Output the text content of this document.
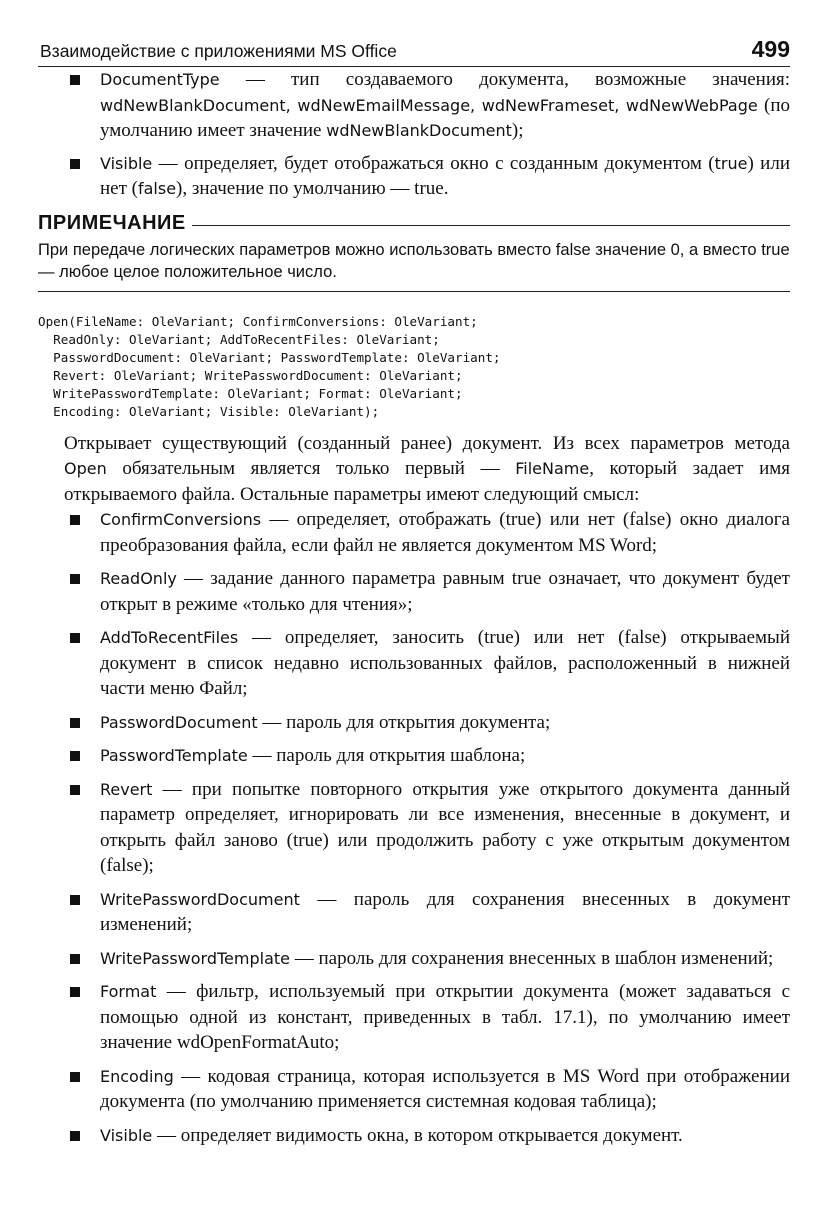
Взаимодействие с приложениями MS Office	499
DocumentType — тип создаваемого документа, возможные значения: wdNewBlankDocument, wdNewEmailMessage, wdNewFrameset, wdNewWebPage (по умолчанию имеет значение wdNewBlankDocument);
Visible — определяет, будет отображаться окно с созданным документом (true) или нет (false), значение по умолчанию — true.
ПРИМЕЧАНИЕ
При передаче логических параметров можно использовать вместо false значение 0, а вместо true — любое целое положительное число.
Open(FileName: OleVariant; ConfirmConversions: OleVariant;
ReadOnly: OleVariant; AddToRecentFiles: OleVariant;
PasswordDocument: OleVariant; PasswordTemplate: OleVariant;
Revert: OleVariant; WritePasswordDocument: OleVariant;
WritePasswordTemplate: OleVariant; Format: OleVariant;
Encoding: OleVariant; Visible: OleVariant);
Открывает существующий (созданный ранее) документ. Из всех параметров метода Open обязательным является только первый — FileName, который задает имя открываемого файла. Остальные параметры имеют следующий смысл:
ConfirmConversions — определяет, отображать (true) или нет (false) окно диалога преобразования файла, если файл не является документом MS Word;
ReadOnly — задание данного параметра равным true означает, что документ будет открыт в режиме «только для чтения»;
AddToRecentFiles — определяет, заносить (true) или нет (false) открываемый документ в список недавно использованных файлов, расположенный в нижней части меню Файл;
PasswordDocument — пароль для открытия документа;
PasswordTemplate — пароль для открытия шаблона;
Revert — при попытке повторного открытия уже открытого документа данный параметр определяет, игнорировать ли все изменения, внесенные в документ, и открыть файл заново (true) или продолжить работу с уже открытым документом (false);
WritePasswordDocument — пароль для сохранения внесенных в документ изменений;
WritePasswordTemplate — пароль для сохранения внесенных в шаблон изменений;
Format — фильтр, используемый при открытии документа (может задаваться с помощью одной из констант, приведенных в табл. 17.1), по умолчанию имеет значение wdOpenFormatAuto;
Encoding — кодовая страница, которая используется в MS Word при отображении документа (по умолчанию применяется системная кодовая таблица);
Visible — определяет видимость окна, в котором открывается документ.
